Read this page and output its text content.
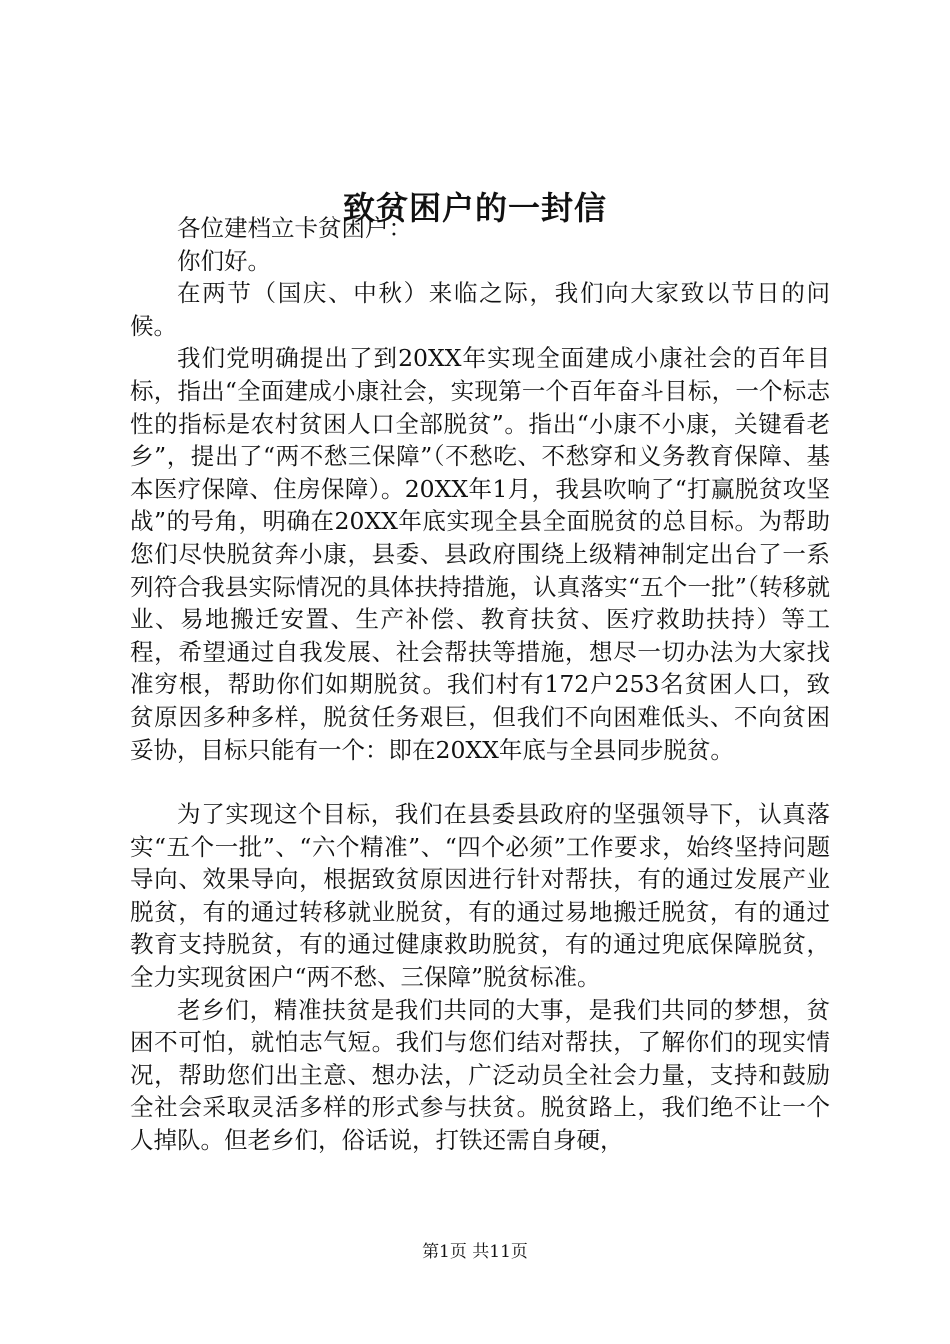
致贫困户的一封信

各位建档立卡贫困户：

你们好。

在两节（国庆、中秋）来临之际，我们向大家致以节日的问候。

我们党明确提出了到20XX年实现全面建成小康社会的百年目标，指出“全面建成小康社会，实现第一个百年奋斗目标，一个标志性的指标是农村贫困人口全部脱贫”。指出“小康不小康，关键看老乡”，提出了“两不愁三保障”（不愁吃、不愁穿和义务教育保障、基本医疗保障、住房保障）。20XX年1月，我县吹响了“打赢脱贫攻坚战”的号角，明确在20XX年底实现全县全面脱贫的总目标。为帮助您们尽快脱贫奔小康，县委、县政府围绕上级精神制定出台了一系列符合我县实际情况的具体扶持措施，认真落实“五个一批”（转移就业、易地搬迁安置、生产补偿、教育扶贫、医疗救助扶持）等工程，希望通过自我发展、社会帮扶等措施，想尽一切办法为大家找准穷根，帮助你们如期脱贫。我们村有172户253名贫困人口，致贫原因多种多样，脱贫任务艰巨，但我们不向困难低头、不向贫困妥协，目标只能有一个：即在20XX年底与全县同步脱贫。

为了实现这个目标，我们在县委县政府的坚强领导下，认真落实“五个一批”、“六个精准”、“四个必须”工作要求，始终坚持问题导向、效果导向，根据致贫原因进行针对帮扶，有的通过发展产业脱贫，有的通过转移就业脱贫，有的通过易地搬迁脱贫，有的通过教育支持脱贫，有的通过健康救助脱贫，有的通过兜底保障脱贫，全力实现贫困户“两不愁、三保障”脱贫标准。

老乡们，精准扶贫是我们共同的大事，是我们共同的梦想，贫困不可怕，就怕志气短。我们与您们结对帮扶，了解你们的现实情况，帮助您们出主意、想办法，广泛动员全社会力量，支持和鼓励全社会采取灵活多样的形式参与扶贫。脱贫路上，我们绝不让一个人掉队。但老乡们，俗话说，打铁还需自身硬，

第1页 共11页
